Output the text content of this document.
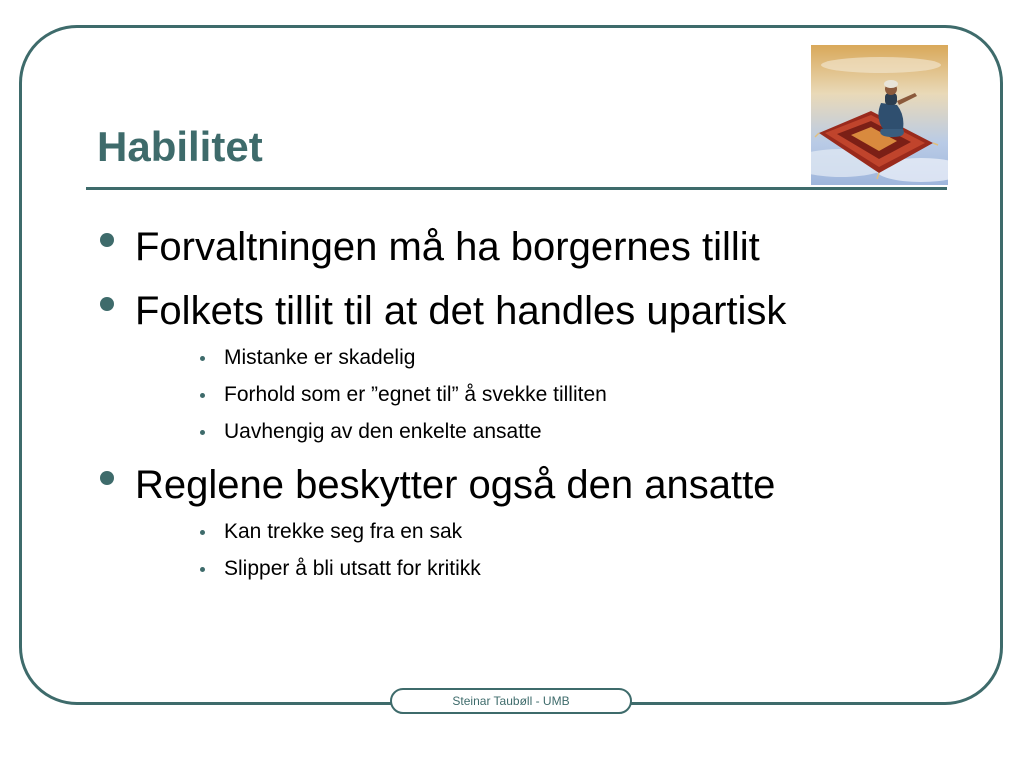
Habilitet
Forvaltningen må ha borgernes tillit
Folkets tillit til at det handles upartisk
Mistanke er skadelig
Forhold som er ”egnet til” å svekke tilliten
Uavhengig av den enkelte ansatte
Reglene beskytter også den ansatte
Kan trekke seg fra en sak
Slipper å bli utsatt for kritikk
Steinar Taubøll - UMB
